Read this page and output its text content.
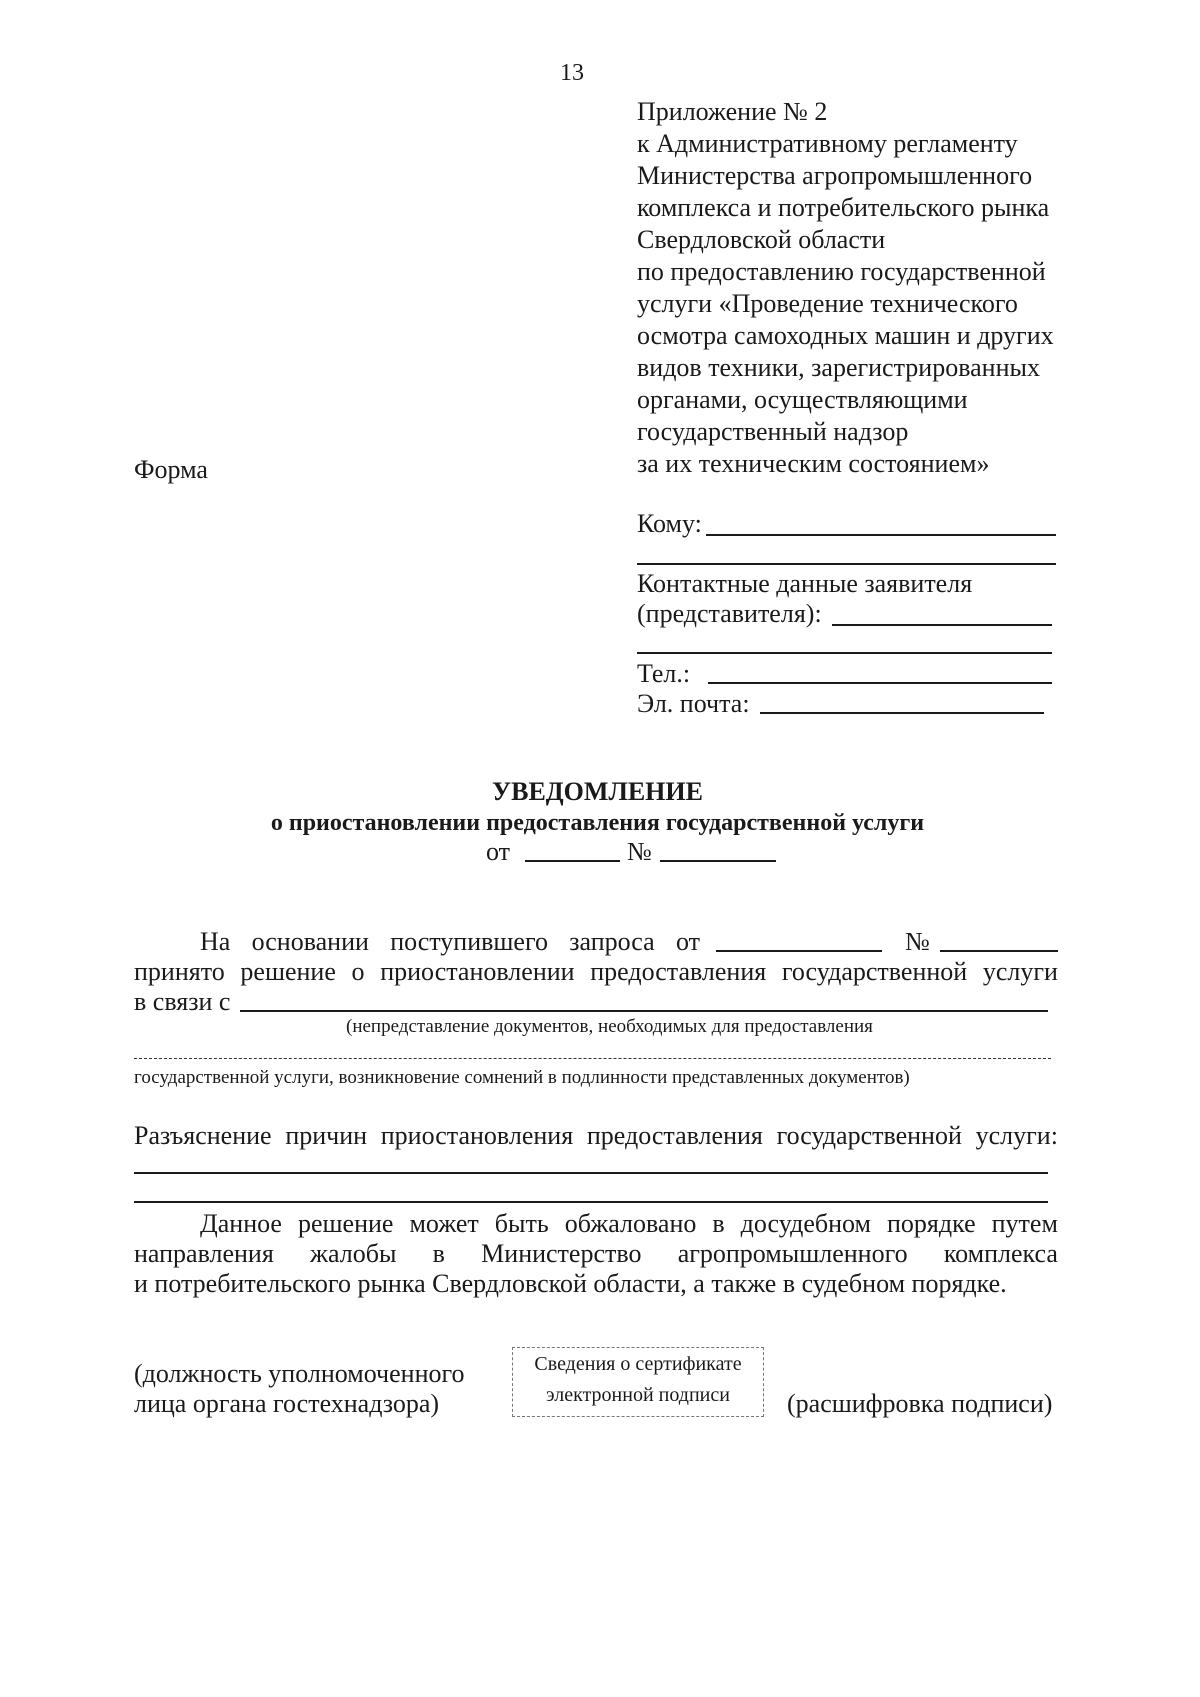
13
Приложение № 2
к Административному регламенту
Министерства агропромышленного
комплекса и потребительского рынка
Свердловской области
по предоставлению государственной
услуги «Проведение технического
осмотра самоходных машин и других
видов техники, зарегистрированных
органами, осуществляющими
государственный надзор
за их техническим состоянием»
Форма
Кому:
Контактные данные заявителя
(представителя):
Тел.:
Эл. почта:
УВЕДОМЛЕНИЕ
о приостановлении предоставления государственной услуги
от	№
На основании поступившего запроса от	№
принято решение о приостановлении предоставления государственной услуги
в связи с
(непредставление документов, необходимых для предоставления
государственной услуги, возникновение сомнений в подлинности представленных документов)
Разъяснение причин приостановления предоставления государственной услуги:
Данное решение может быть обжаловано в досудебном порядке путем
направления жалобы в Министерство агропромышленного комплекса
и потребительского рынка Свердловской области, а также в судебном порядке.
(должность уполномоченного
лица органа гостехнадзора)
Сведения о сертификате
электронной подписи	(расшифровка подписи)
